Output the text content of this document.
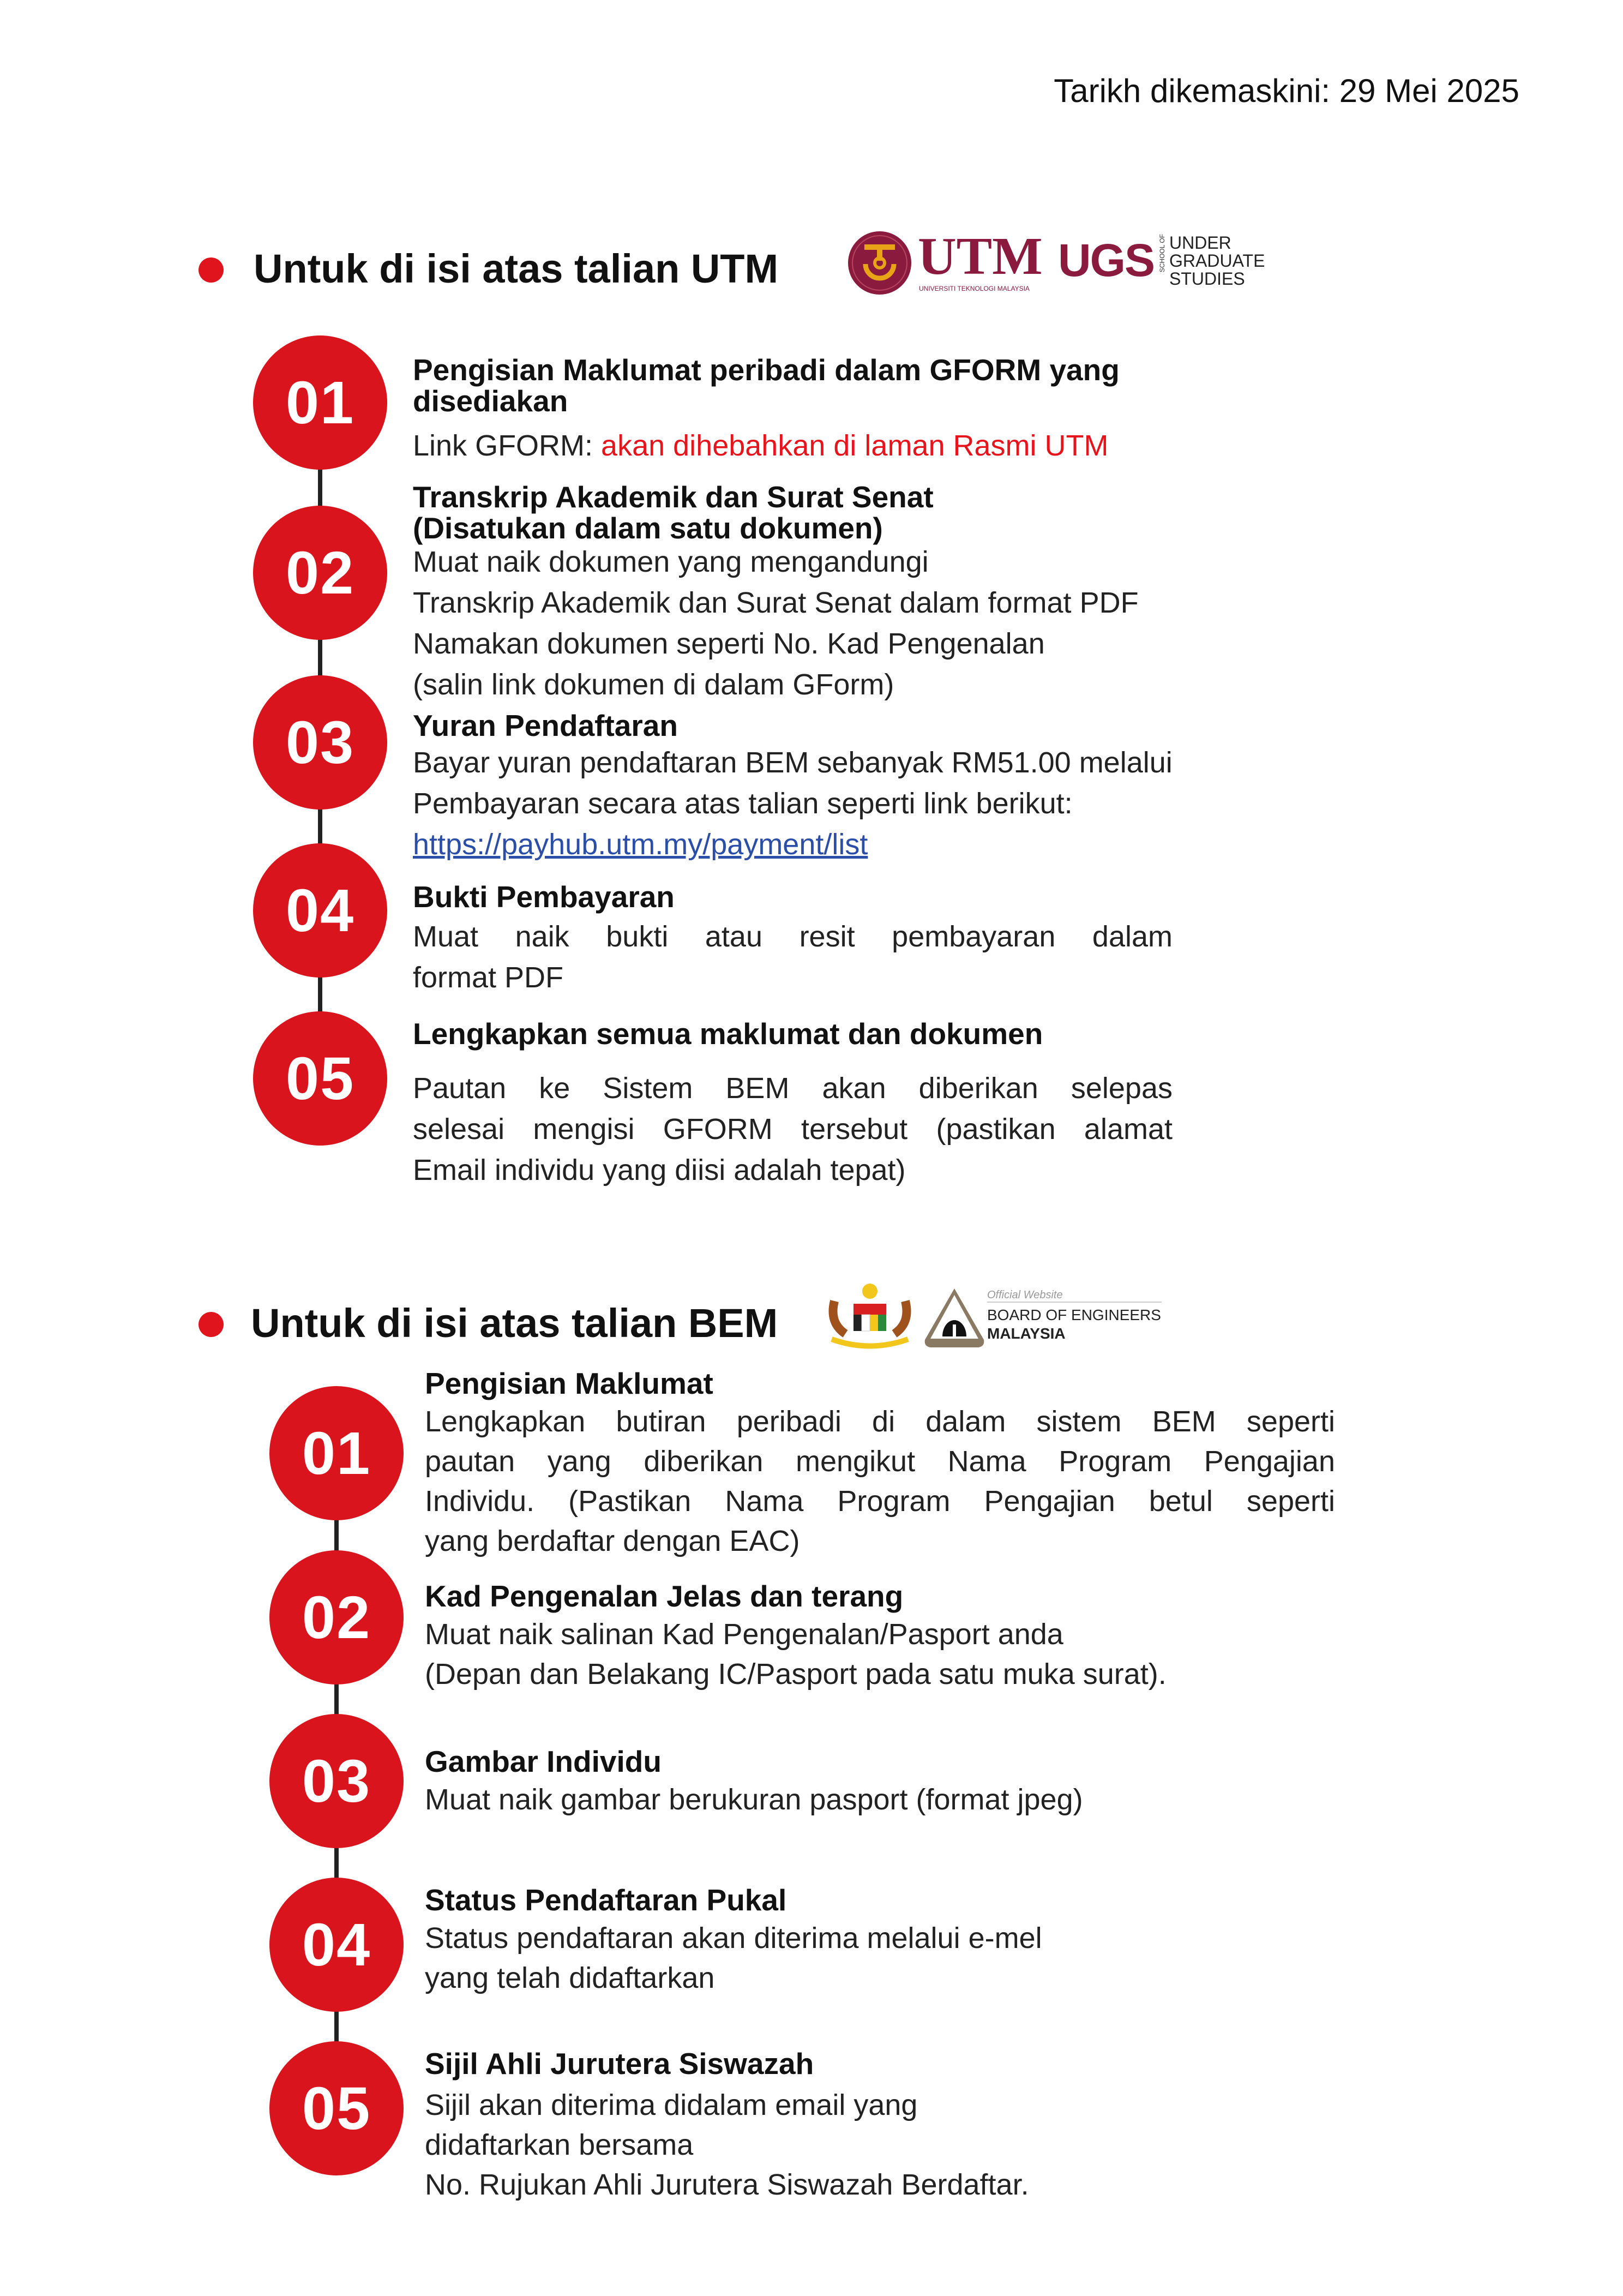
Tarikh dikemaskini: 29 Mei 2025
Untuk di isi atas talian UTM	UTM
UNIVERSITI TEKNOLOGI MALAYSIA
UGS SCHOOL OF UNDER
GRADUATE
STUDIES
Untuk di isi atas talian BEM
Official Website
BOARD OF ENGINEERS
MALAYSIA
01	Pengisian Maklumat peribadi dalam GFORM yang
disediakan
Link GFORM: akan dihebahkan di laman Rasmi UTM
02
Transkrip Akademik dan Surat Senat
(Disatukan dalam satu dokumen)
Muat naik dokumen yang mengandungi
Transkrip Akademik dan Surat Senat dalam format PDF
Namakan dokumen seperti No. Kad Pengenalan
(salin link dokumen di dalam GForm)
03	Yuran Pendaftaran
Bayar yuran pendaftaran BEM sebanyak RM51.00 melalui
Pembayaran secara atas talian seperti link berikut:
https://payhub.utm.my/payment/list
04	Bukti Pembayaran
Muat naik bukti atau resit pembayaran dalam
format PDF
05
Lengkapkan semua maklumat dan dokumen
Pautan ke Sistem BEM akan diberikan selepas
selesai mengisi GFORM tersebut (pastikan alamat
Email individu yang diisi adalah tepat)
01
Pengisian Maklumat
Lengkapkan butiran peribadi di dalam sistem BEM seperti
pautan yang diberikan mengikut Nama Program Pengajian
Individu. (Pastikan Nama Program Pengajian betul seperti
yang berdaftar dengan EAC)
02	Kad Pengenalan Jelas dan terang
Muat naik salinan Kad Pengenalan/Pasport anda
(Depan dan Belakang IC/Pasport pada satu muka surat).
03	Gambar Individu
Muat naik gambar berukuran pasport (format jpeg)
04
Status Pendaftaran Pukal
Status pendaftaran akan diterima melalui e-mel
yang telah didaftarkan
05
Sijil Ahli Jurutera Siswazah
Sijil akan diterima didalam email yang
didaftarkan bersama
No. Rujukan Ahli Jurutera Siswazah Berdaftar.
